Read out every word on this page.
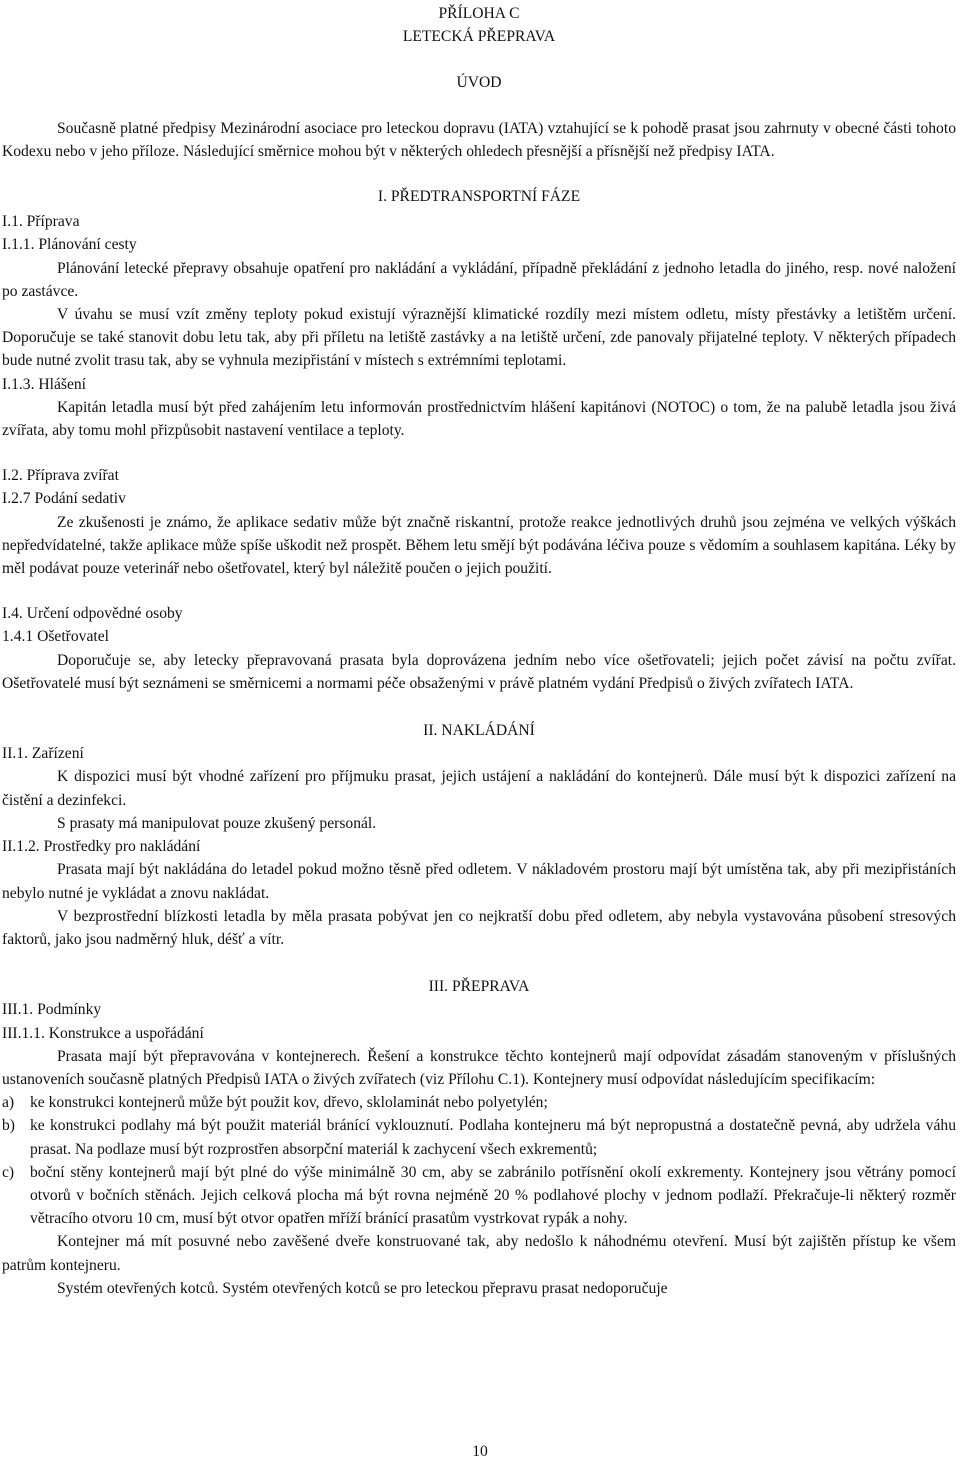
PŘÍLOHA C
LETECKÁ PŘEPRAVA
ÚVOD

Současně platné předpisy Mezinárodní asociace pro leteckou dopravu (IATA) vztahující se k pohodě prasat jsou zahrnuty v obecné části tohoto Kodexu nebo v jeho příloze. Následující směrnice mohou být v některých ohledech přesnější a přísnější než předpisy IATA.

I. PŘEDTRANSPORTNÍ FÁZE
I.1. Příprava
I.1.1. Plánování cesty

Plánování letecké přepravy obsahuje opatření pro nakládání a vykládání, případně překládání z jednoho letadla do jiného, resp. nové naložení po zastávce.

V úvahu se musí vzít změny teploty pokud existují výraznější klimatické rozdíly mezi místem odletu, místy přestávky a letištěm určení. Doporučuje se také stanovit dobu letu tak, aby při příletu na letiště zastávky a na letiště určení, zde panovaly přijatelné teploty. V některých případech bude nutné zvolit trasu tak, aby se vyhnula mezipřistání v místech s extrémními teplotami.

I.1.3. Hlášení

Kapitán letadla musí být před zahájením letu informován prostřednictvím hlášení kapitánovi (NOTOC) o tom, že na palubě letadla jsou živá zvířata, aby tomu mohl přizpůsobit nastavení ventilace a teploty.

I.2. Příprava zvířat
I.2.7 Podání sedativ

Ze zkušenosti je známo, že aplikace sedativ může být značně riskantní, protože reakce jednotlivých druhů jsou zejména ve velkých výškách nepředvídatelné, takže aplikace může spíše uškodit než prospět. Během letu smějí být podávána léčiva pouze s vědomím a souhlasem kapitána. Léky by měl podávat pouze veterinář nebo ošetřovatel, který byl náležitě poučen o jejich použití.

I.4. Určení odpovědné osoby
1.4.1 Ošetřovatel

Doporučuje se, aby letecky přepravovaná prasata byla doprovázena jedním nebo více ošetřovateli; jejich počet závisí na počtu zvířat. Ošetřovatelé musí být seznámeni se směrnicemi a normami péče obsaženými v právě platném vydání Předpisů o živých zvířatech IATA.

II. NAKLÁDÁNÍ
II.1. Zařízení

K dispozici musí být vhodné zařízení pro příjmuku prasat, jejich ustájení a nakládání do kontejnerů. Dále musí být k dispozici zařízení na čistění a dezinfekci.

S prasaty má manipulovat pouze zkušený personál.

II.1.2. Prostředky pro nakládání

Prasata mají být nakládána do letadel pokud možno těsně před odletem. V nákladovém prostoru mají být umístěna tak, aby při mezipřistáních nebylo nutné je vykládat a znovu nakládat.

V bezprostřední blízkosti letadla by měla prasata pobývat jen co nejkratší dobu před odletem, aby nebyla vystavována působení stresových faktorů, jako jsou nadměrný hluk, déšť a vítr.

III. PŘEPRAVA
III.1. Podmínky
III.1.1. Konstrukce a uspořádání

Prasata mají být přepravována v kontejnerech. Řešení a konstrukce těchto kontejnerů mají odpovídat zásadám stanoveným v příslušných ustanoveních současně platných Předpisů IATA o živých zvířatech (viz Přílohu C.1). Kontejnery musí odpovídat následujícím specifikacím:

a)	ke konstrukci kontejnerů může být použit kov, dřevo, sklolaminát nebo polyetylén;
b) ke konstrukci podlahy má být použit materiál bránící vyklouznutí. Podlaha kontejneru má být nepropustná a dostatečně pevná, aby udržela váhu prasat. Na podlaze musí být rozprostřen absorpční materiál k zachycení všech exkrementů;
c)	boční stěny kontejnerů mají být plné do výše minimálně 30 cm, aby se zabránilo potřísnění okolí exkrementy. Kontejnery jsou větrány pomocí otvorů v bočních stěnách. Jejich celková plocha má být rovna nejméně 20 % podlahové plochy v jednom podlaží. Překračuje-li některý rozměr větracího otvoru 10 cm, musí být otvor opatřen mříží bránící prasatům vystrkovat rypák a nohy.

Kontejner má mít posuvné nebo zavěšené dveře konstruované tak, aby nedošlo k náhodnému otevření. Musí být zajištěn přístup ke všem patrům kontejneru.

Systém otevřených kotců. Systém otevřených kotců se pro leteckou přepravu prasat nedoporučuje

10
